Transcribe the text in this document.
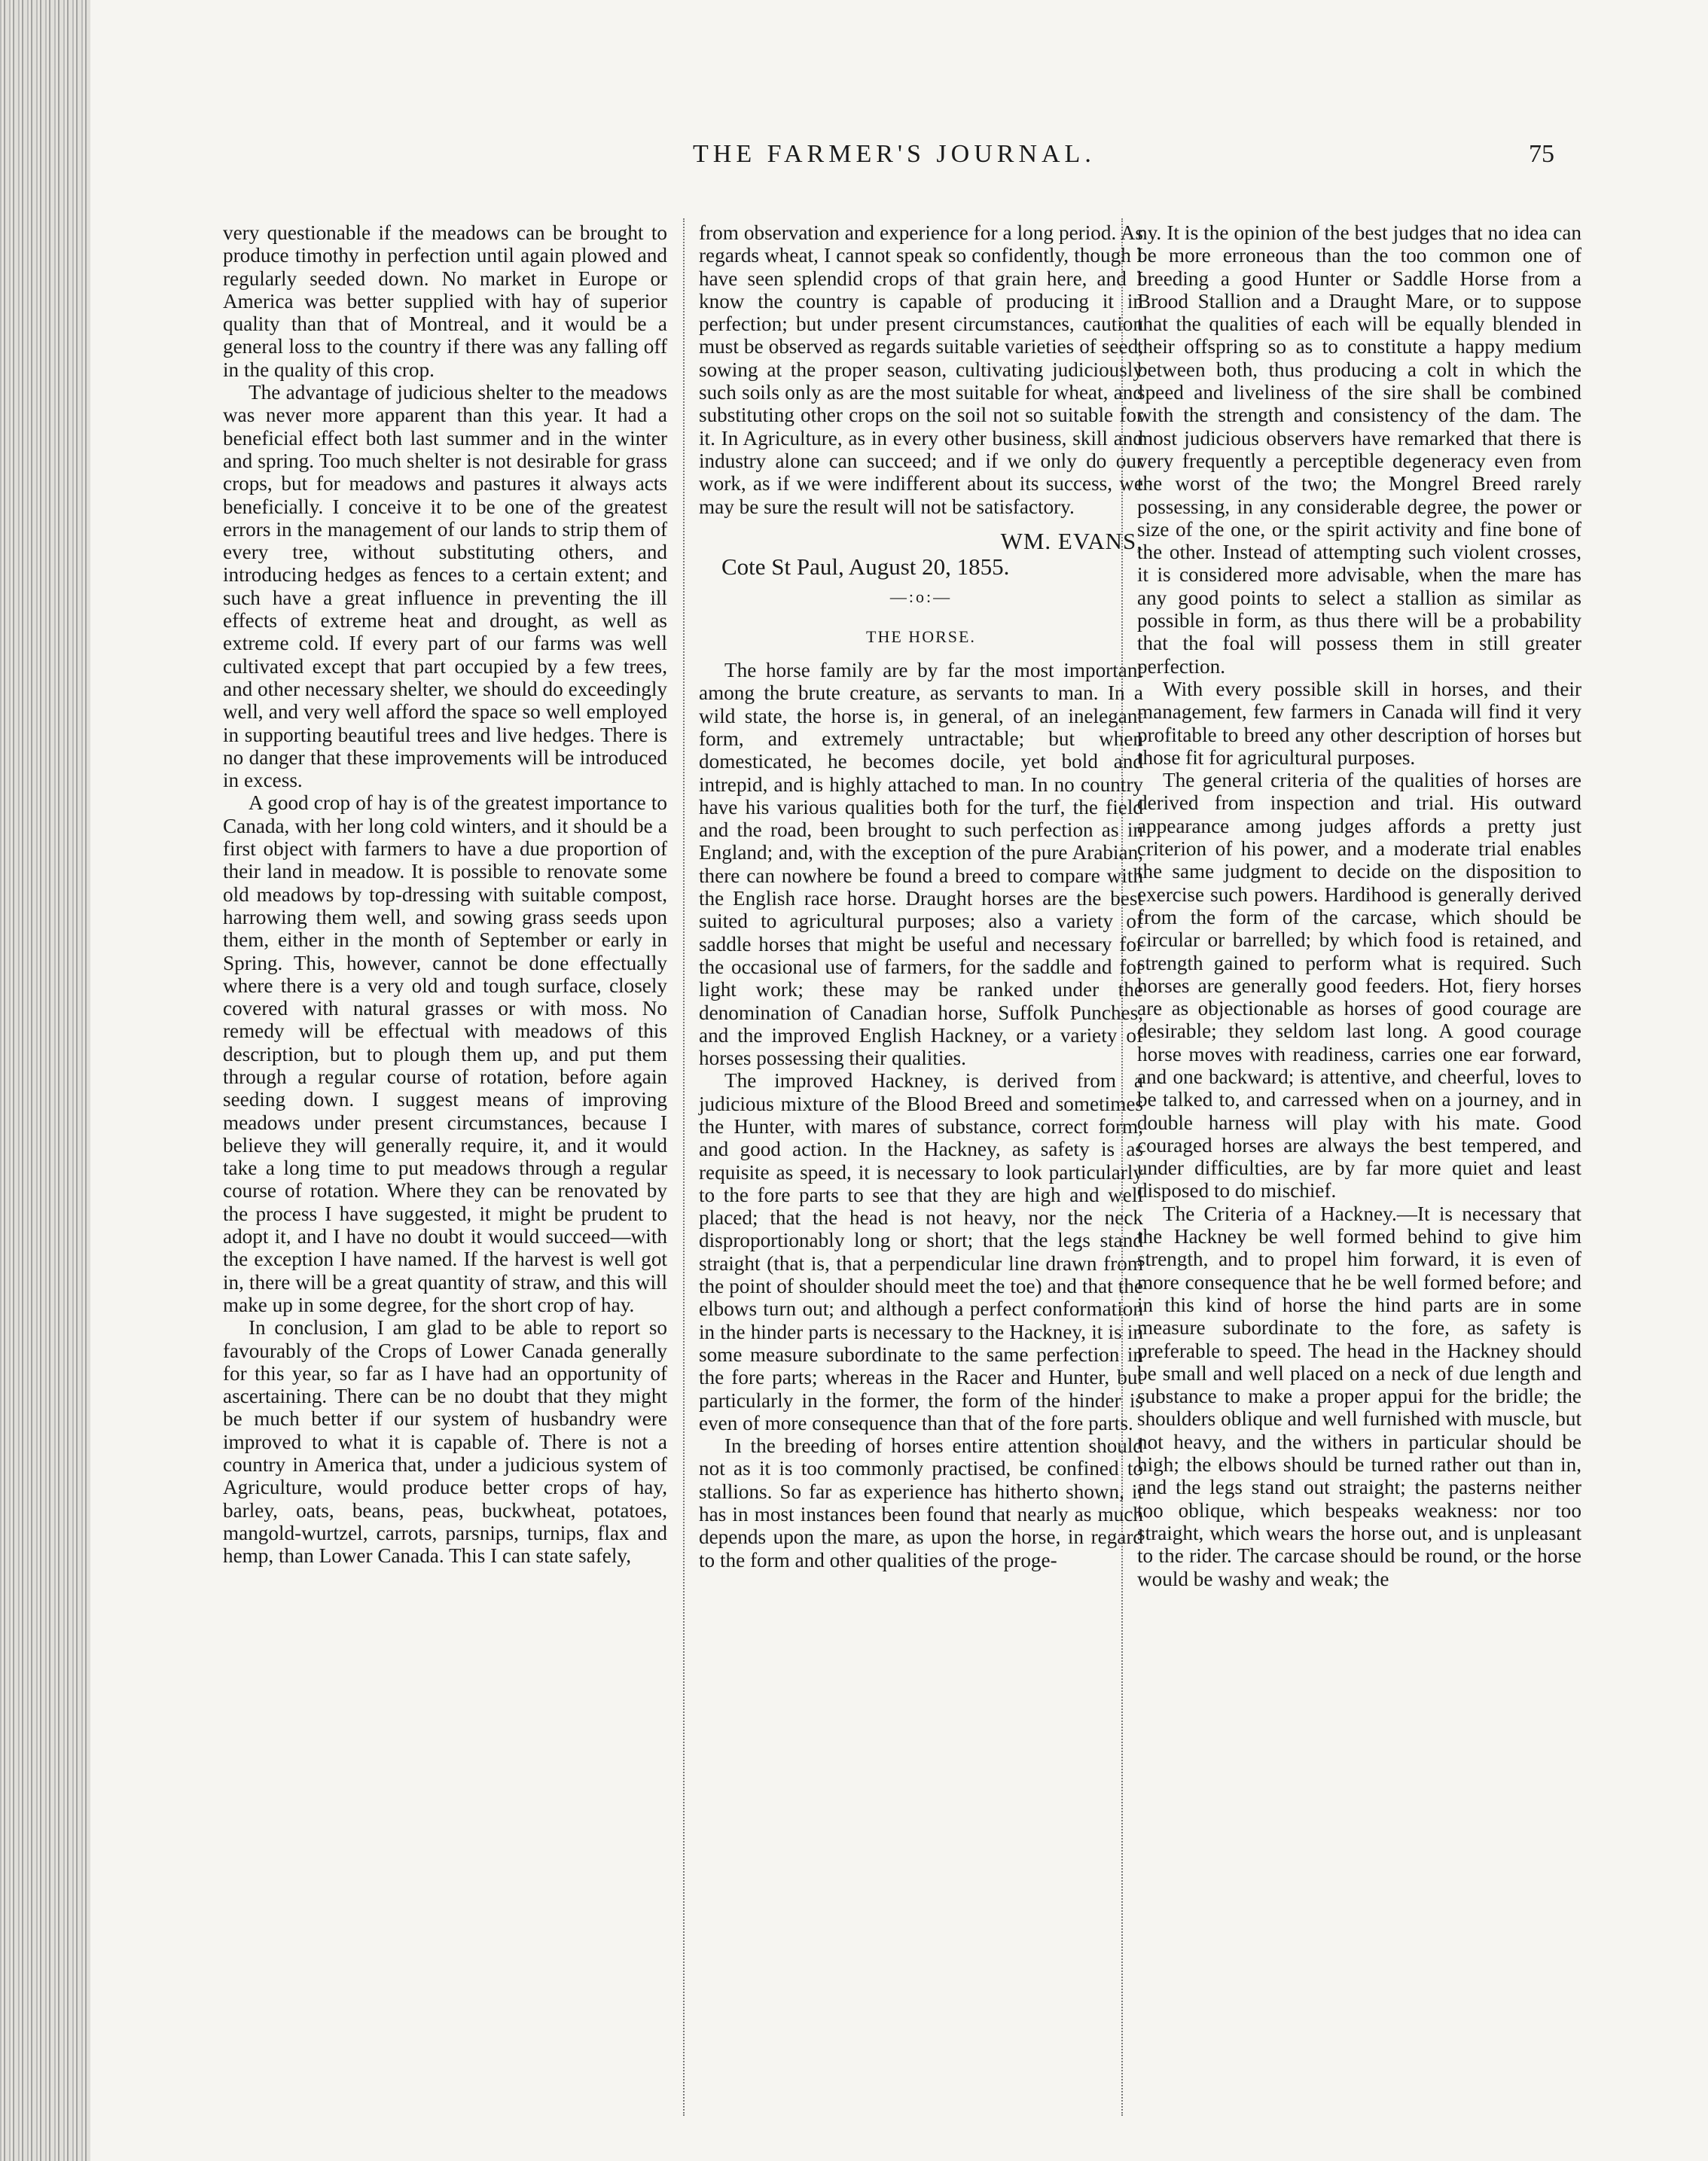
THE FARMER'S JOURNAL.	75

very questionable if the meadows can be brought to produce timothy in perfection until again plowed and regularly seeded down. No market in Europe or America was better supplied with hay of superior quality than that of Montreal, and it would be a general loss to the country if there was any falling off in the quality of this crop.

The advantage of judicious shelter to the meadows was never more apparent than this year. It had a beneficial effect both last summer and in the winter and spring. Too much shelter is not desirable for grass crops, but for meadows and pastures it always acts beneficially. I conceive it to be one of the greatest errors in the management of our lands to strip them of every tree, without substituting others, and introducing hedges as fences to a certain extent; and such have a great influence in preventing the ill effects of extreme heat and drought, as well as extreme cold. If every part of our farms was well cultivated except that part occupied by a few trees, and other necessary shelter, we should do exceedingly well, and very well afford the space so well employed in supporting beautiful trees and live hedges. There is no danger that these improvements will be introduced in excess.

A good crop of hay is of the greatest importance to Canada, with her long cold winters, and it should be a first object with farmers to have a due proportion of their land in meadow. It is possible to renovate some old meadows by top-dressing with suitable compost, harrowing them well, and sowing grass seeds upon them, either in the month of September or early in Spring. This, however, cannot be done effectually where there is a very old and tough surface, closely covered with natural grasses or with moss. No remedy will be effectual with meadows of this description, but to plough them up, and put them through a regular course of rotation, before again seeding down. I suggest means of improving meadows under present circumstances, because I believe they will generally require, it, and it would take a long time to put meadows through a regular course of rotation. Where they can be renovated by the process I have suggested, it might be prudent to adopt it, and I have no doubt it would succeed—with the exception I have named. If the harvest is well got in, there will be a great quantity of straw, and this will make up in some degree, for the short crop of hay.

In conclusion, I am glad to be able to report so favourably of the Crops of Lower Canada generally for this year, so far as I have had an opportunity of ascertaining. There can be no doubt that they might be much better if our system of husbandry were improved to what it is capable of. There is not a country in America that, under a judicious system of Agriculture, would produce better crops of hay, barley, oats, beans, peas, buckwheat, potatoes, mangold-wurtzel, carrots, parsnips, turnips, flax and hemp, than Lower Canada. This I can state safely,

from observation and experience for a long period. As regards wheat, I cannot speak so confidently, though I have seen splendid crops of that grain here, and I know the country is capable of producing it in perfection; but under present circumstances, caution must be observed as regards suitable varieties of seed, sowing at the proper season, cultivating judiciously such soils only as are the most suitable for wheat, and substituting other crops on the soil not so suitable for it. In Agriculture, as in every other business, skill and industry alone can succeed; and if we only do our work, as if we were indifferent about its success, we may be sure the result will not be satisfactory.

WM. EVANS,
Cote St Paul, August 20, 1855.
—:o:—
THE HORSE.

The horse family are by far the most important among the brute creature, as servants to man. In a wild state, the horse is, in general, of an inelegant form, and extremely untractable; but when domesticated, he becomes docile, yet bold and intrepid, and is highly attached to man. In no country have his various qualities both for the turf, the field and the road, been brought to such perfection as in England; and, with the exception of the pure Arabian, there can nowhere be found a breed to compare with the English race horse. Draught horses are the best suited to agricultural purposes; also a variety of saddle horses that might be useful and necessary for the occasional use of farmers, for the saddle and for light work; these may be ranked under the denomination of Canadian horse, Suffolk Punches, and the improved English Hackney, or a variety of horses possessing their qualities.

The improved Hackney, is derived from a judicious mixture of the Blood Breed and sometimes the Hunter, with mares of substance, correct form, and good action. In the Hackney, as safety is as requisite as speed, it is necessary to look particularly to the fore parts to see that they are high and well placed; that the head is not heavy, nor the neck disproportionably long or short; that the legs stand straight (that is, that a perpendicular line drawn from the point of shoulder should meet the toe) and that the elbows turn out; and although a perfect conformation in the hinder parts is necessary to the Hackney, it is in some measure subordinate to the same perfection in the fore parts; whereas in the Racer and Hunter, but particularly in the former, the form of the hinder is even of more consequence than that of the fore parts.

In the breeding of horses entire attention should not as it is too commonly practised, be confined to stallions. So far as experience has hitherto shown, it has in most instances been found that nearly as much depends upon the mare, as upon the horse, in regard to the form and other qualities of the proge-

ny. It is the opinion of the best judges that no idea can be more erroneous than the too common one of breeding a good Hunter or Saddle Horse from a Brood Stallion and a Draught Mare, or to suppose that the qualities of each will be equally blended in their offspring so as to constitute a happy medium between both, thus producing a colt in which the speed and liveliness of the sire shall be combined with the strength and consistency of the dam. The most judicious observers have remarked that there is very frequently a perceptible degeneracy even from the worst of the two; the Mongrel Breed rarely possessing, in any considerable degree, the power or size of the one, or the spirit activity and fine bone of the other. Instead of attempting such violent crosses, it is considered more advisable, when the mare has any good points to select a stallion as similar as possible in form, as thus there will be a probability that the foal will possess them in still greater perfection.

With every possible skill in horses, and their management, few farmers in Canada will find it very profitable to breed any other description of horses but those fit for agricultural purposes.

The general criteria of the qualities of horses are derived from inspection and trial. His outward appearance among judges affords a pretty just criterion of his power, and a moderate trial enables the same judgment to decide on the disposition to exercise such powers. Hardihood is generally derived from the form of the carcase, which should be circular or barrelled; by which food is retained, and strength gained to perform what is required. Such horses are generally good feeders. Hot, fiery horses are as objectionable as horses of good courage are desirable; they seldom last long. A good courage horse moves with readiness, carries one ear forward, and one backward; is attentive, and cheerful, loves to be talked to, and carressed when on a journey, and in double harness will play with his mate. Good couraged horses are always the best tempered, and under difficulties, are by far more quiet and least disposed to do mischief.

The Criteria of a Hackney.—It is necessary that the Hackney be well formed behind to give him strength, and to propel him forward, it is even of more consequence that he be well formed before; and in this kind of horse the hind parts are in some measure subordinate to the fore, as safety is preferable to speed. The head in the Hackney should be small and well placed on a neck of due length and substance to make a proper appui for the bridle; the shoulders oblique and well furnished with muscle, but not heavy, and the withers in particular should be high; the elbows should be turned rather out than in, and the legs stand out straight; the pasterns neither too oblique, which bespeaks weakness: nor too straight, which wears the horse out, and is unpleasant to the rider. The carcase should be round, or the horse would be washy and weak; the
